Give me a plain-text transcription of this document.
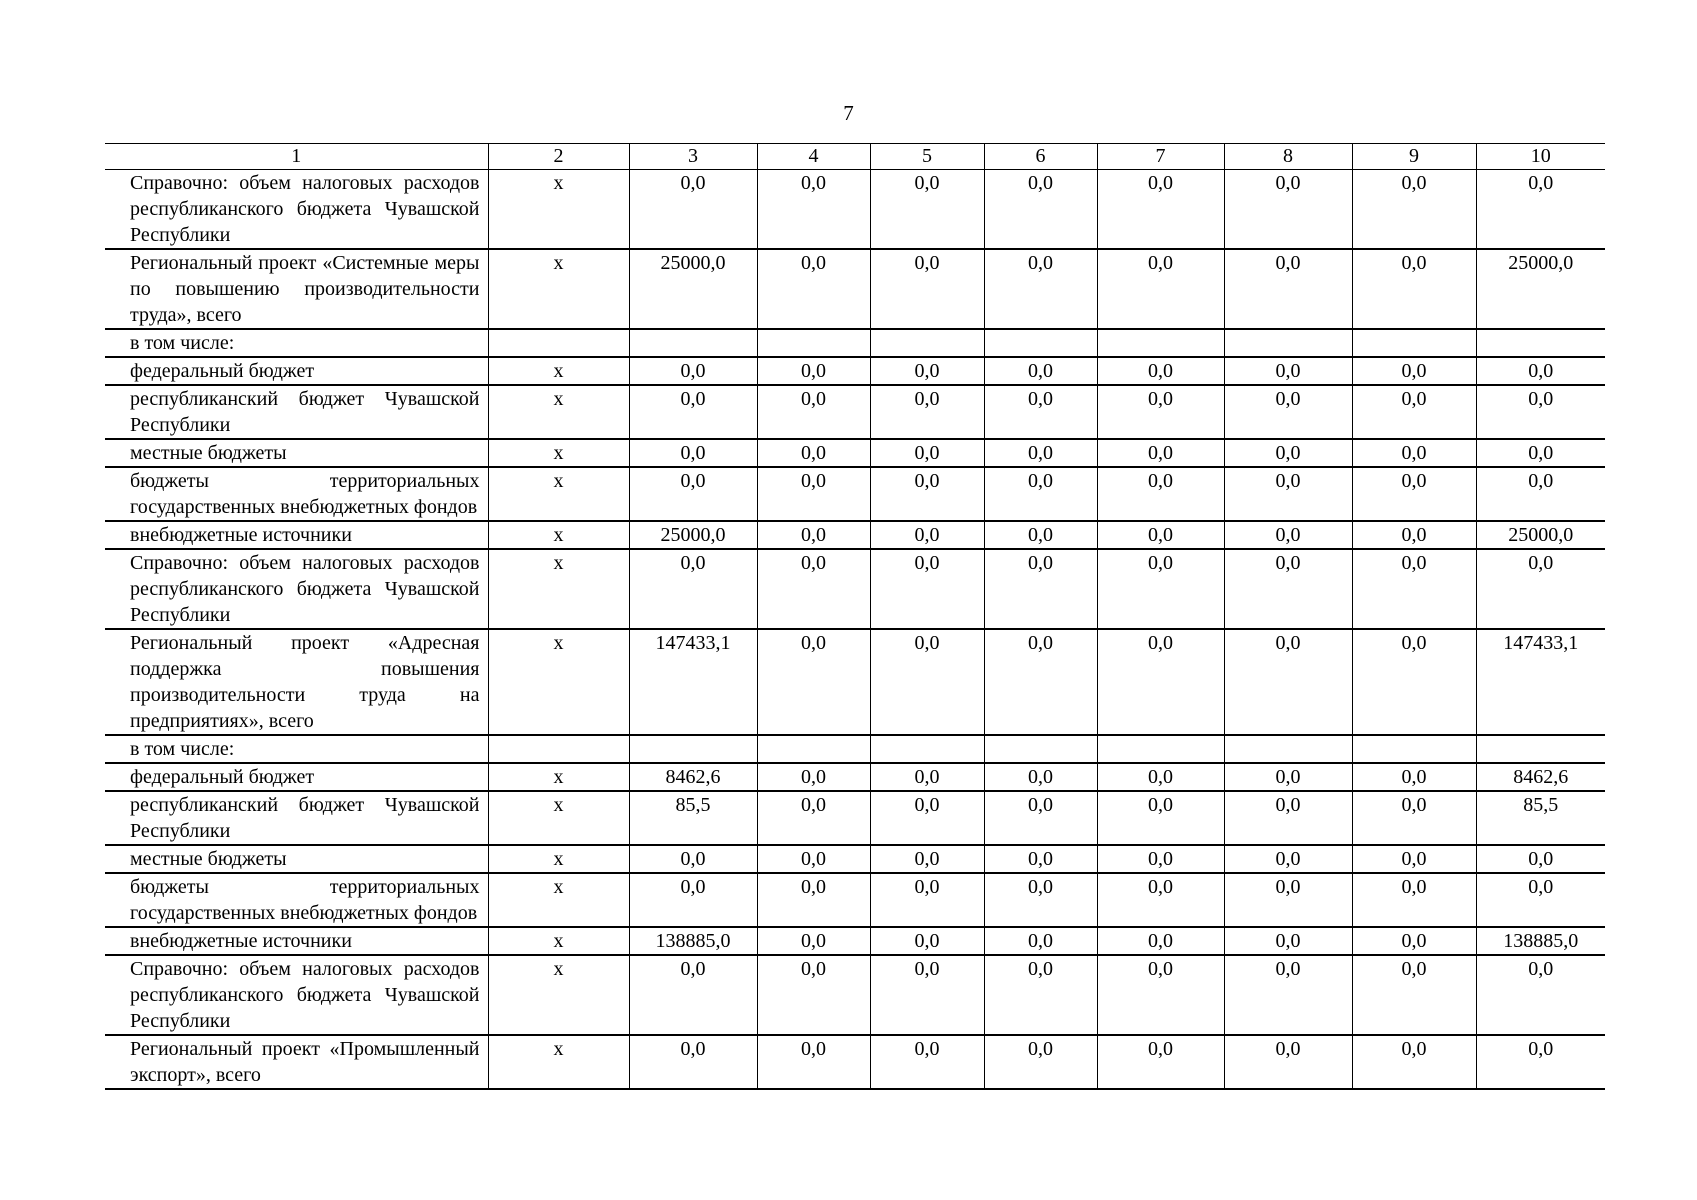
7
1	2	3	4	5	6	7	8	9	10
Справочно: объем налоговых расходов республиканского бюджета Чувашской Республики	x	0,0	0,0	0,0	0,0	0,0	0,0	0,0	0,0
Региональный проект «Системные меры по повышению производительности труда», всего	x	25000,0	0,0	0,0	0,0	0,0	0,0	0,0	25000,0
в том числе:									
федеральный бюджет	x	0,0	0,0	0,0	0,0	0,0	0,0	0,0	0,0
республиканский бюджет Чувашской Республики	x	0,0	0,0	0,0	0,0	0,0	0,0	0,0	0,0
местные бюджеты	x	0,0	0,0	0,0	0,0	0,0	0,0	0,0	0,0
бюджеты территориальных государственных внебюджетных фондов	x	0,0	0,0	0,0	0,0	0,0	0,0	0,0	0,0
внебюджетные источники	x	25000,0	0,0	0,0	0,0	0,0	0,0	0,0	25000,0
Справочно: объем налоговых расходов республиканского бюджета Чувашской Республики	x	0,0	0,0	0,0	0,0	0,0	0,0	0,0	0,0
Региональный проект «Адресная поддержка повышения производительности труда на предприятиях», всего	x	147433,1	0,0	0,0	0,0	0,0	0,0	0,0	147433,1
в том числе:									
федеральный бюджет	x	8462,6	0,0	0,0	0,0	0,0	0,0	0,0	8462,6
республиканский бюджет Чувашской Республики	x	85,5	0,0	0,0	0,0	0,0	0,0	0,0	85,5
местные бюджеты	x	0,0	0,0	0,0	0,0	0,0	0,0	0,0	0,0
бюджеты территориальных государственных внебюджетных фондов	x	0,0	0,0	0,0	0,0	0,0	0,0	0,0	0,0
внебюджетные источники	x	138885,0	0,0	0,0	0,0	0,0	0,0	0,0	138885,0
Справочно: объем налоговых расходов республиканского бюджета Чувашской Республики	x	0,0	0,0	0,0	0,0	0,0	0,0	0,0	0,0
Региональный проект «Промышленный экспорт», всего	x	0,0	0,0	0,0	0,0	0,0	0,0	0,0	0,0
